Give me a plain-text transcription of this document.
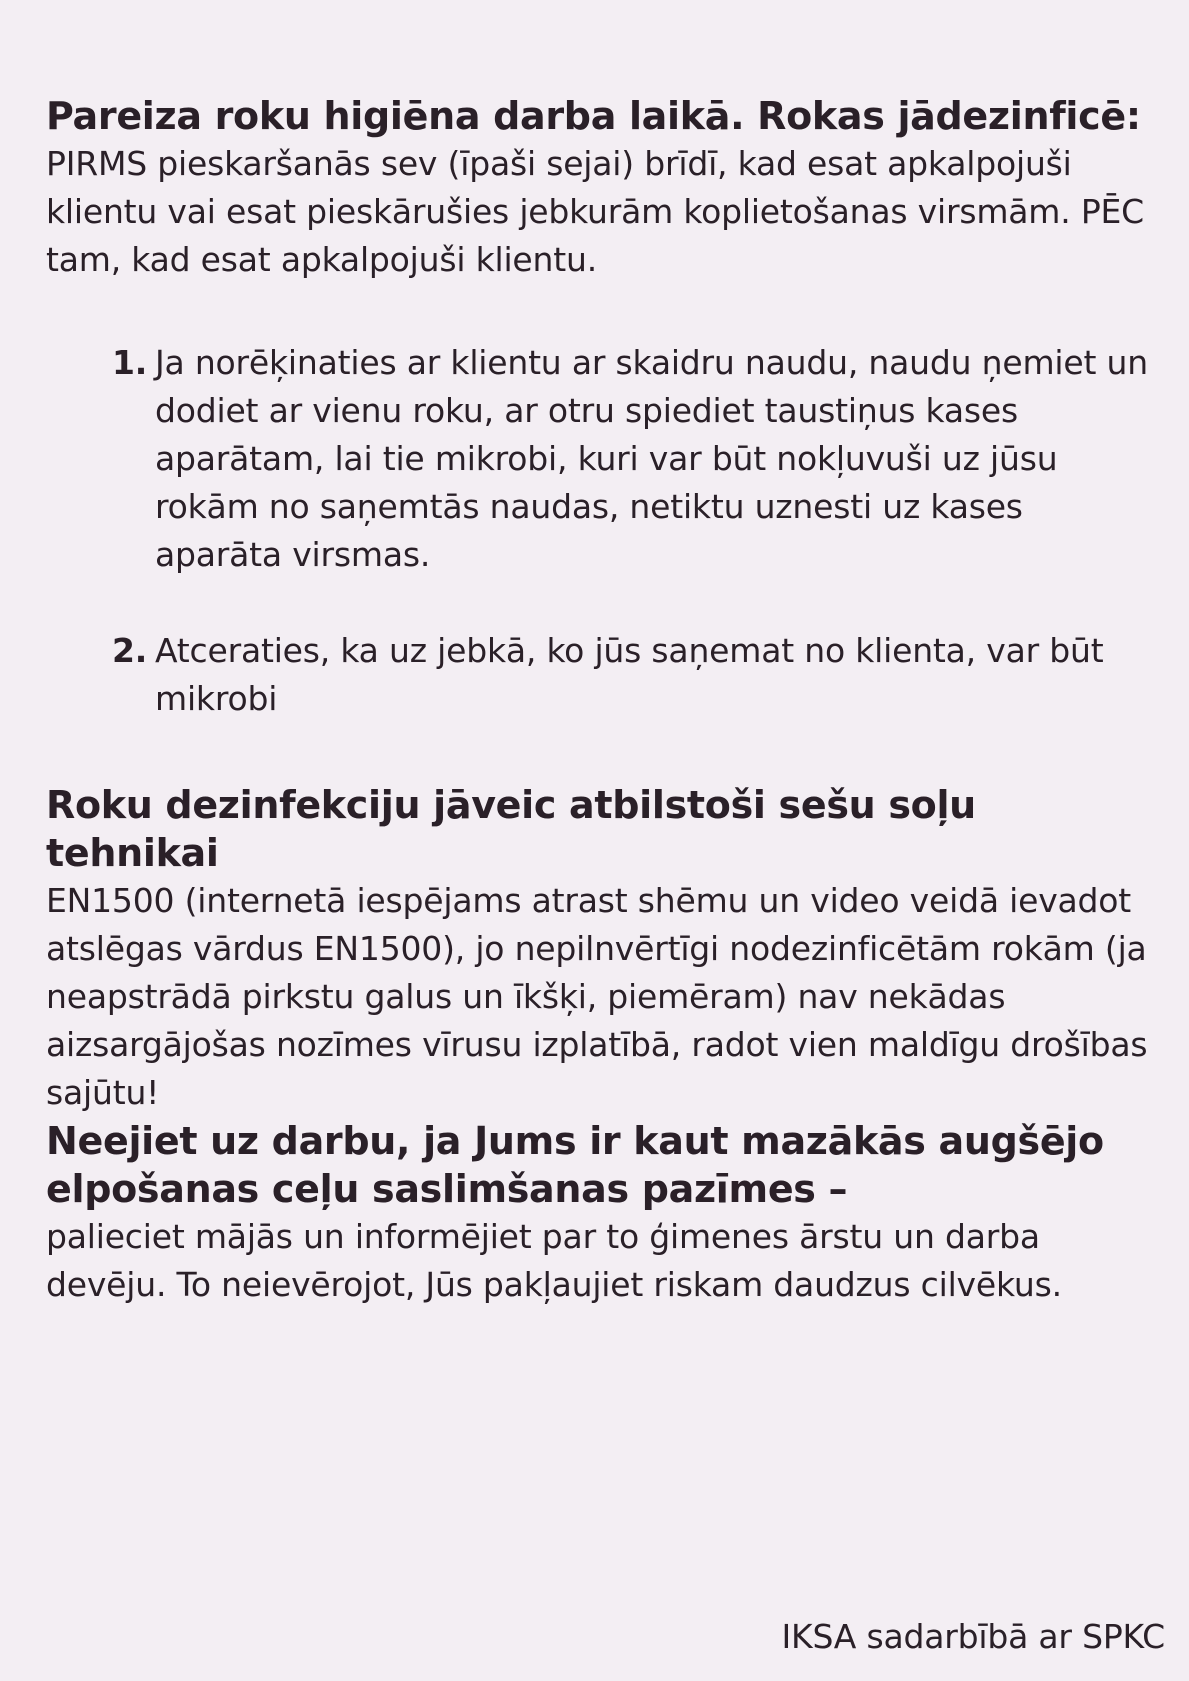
Pareiza roku higiēna darba laikā. Rokas jādezinficē:

PIRMS pieskaršanās sev (īpaši sejai) brīdī, kad esat apkalpojuši klientu vai esat pieskārušies jebkurām koplietošanas virsmām. PĒC tam, kad esat apkalpojuši klientu.

1. Ja norēķinaties ar klientu ar skaidru naudu, naudu ņemiet un dodiet ar vienu roku, ar otru spiediet taustiņus kases aparātam, lai tie mikrobi, kuri var būt nokļuvuši uz jūsu rokām no saņemtās naudas, netiktu uznesti uz kases aparāta virsmas.
2. Atceraties, ka uz jebkā, ko jūs saņemat no klienta, var būt mikrobi
Roku dezinfekciju jāveic atbilstoši sešu soļu tehnikai

EN1500 (internetā iespējams atrast shēmu un video veidā ievadot atslēgas vārdus EN1500), jo nepilnvērtīgi nodezinficētām rokām (ja neapstrādā pirkstu galus un īkšķi, piemēram) nav nekādas aizsargājošas nozīmes vīrusu izplatībā, radot vien maldīgu drošības sajūtu!

Neejiet uz darbu, ja Jums ir kaut mazākās augšējo elpošanas ceļu saslimšanas pazīmes –

palieciet mājās un informējiet par to ģimenes ārstu un darba devēju. To neievērojot, Jūs pakļaujiet riskam daudzus cilvēkus.

IKSA sadarbībā ar SPKC
